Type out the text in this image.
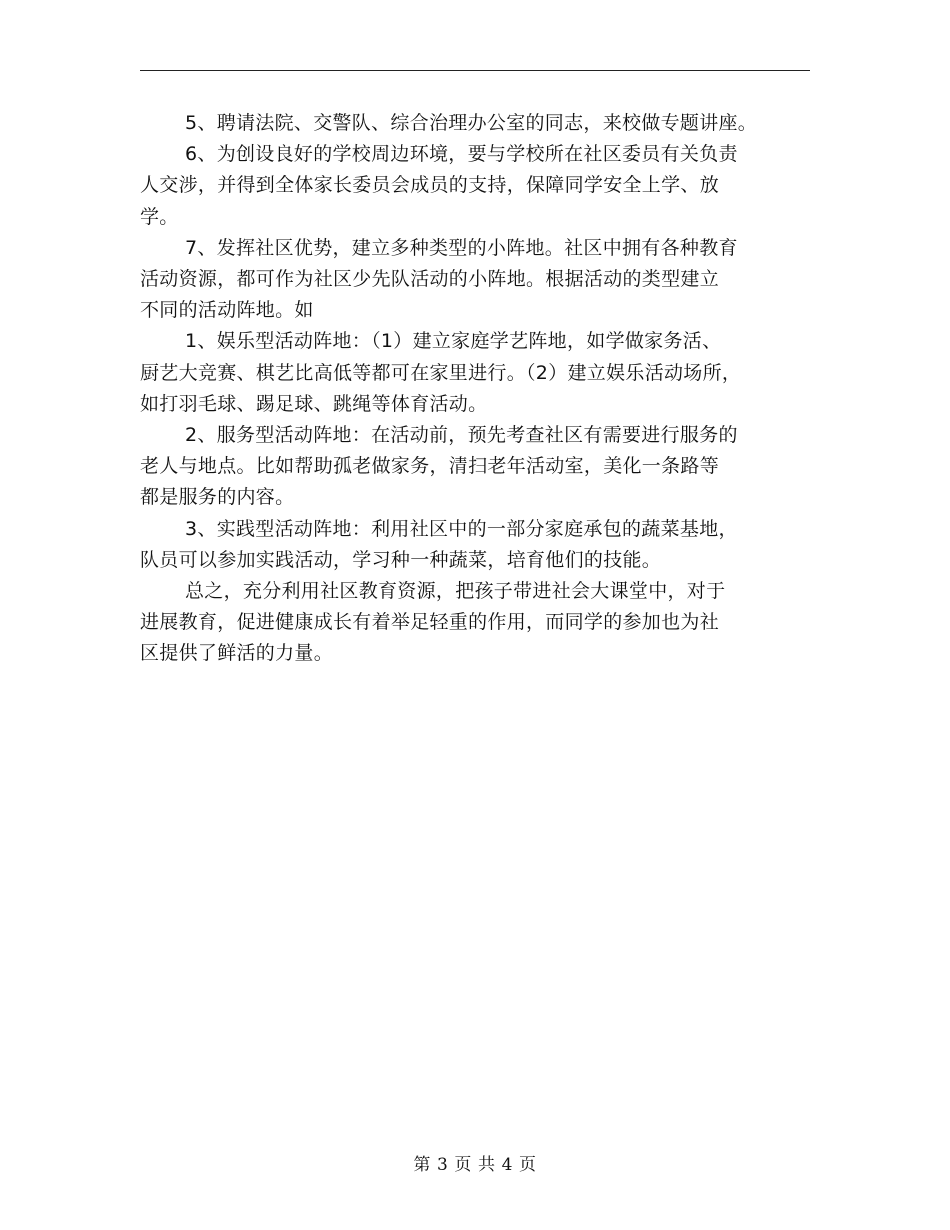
5、聘请法院、交警队、综合治理办公室的同志，来校做专题讲座。

6、为创设良好的学校周边环境，要与学校所在社区委员有关负责
人交涉，并得到全体家长委员会成员的支持，保障同学安全上学、放
学。

7、发挥社区优势，建立多种类型的小阵地。社区中拥有各种教育
活动资源，都可作为社区少先队活动的小阵地。根据活动的类型建立
不同的活动阵地。如

1、娱乐型活动阵地：（1）建立家庭学艺阵地，如学做家务活、
厨艺大竞赛、棋艺比高低等都可在家里进行。（2）建立娱乐活动场所，
如打羽毛球、踢足球、跳绳等体育活动。

2、服务型活动阵地：在活动前，预先考查社区有需要进行服务的
老人与地点。比如帮助孤老做家务，清扫老年活动室，美化一条路等
都是服务的内容。

3、实践型活动阵地：利用社区中的一部分家庭承包的蔬菜基地，
队员可以参加实践活动，学习种一种蔬菜，培育他们的技能。

总之，充分利用社区教育资源，把孩子带进社会大课堂中，对于
进展教育，促进健康成长有着举足轻重的作用，而同学的参加也为社
区提供了鲜活的力量。

第 3 页 共 4 页
